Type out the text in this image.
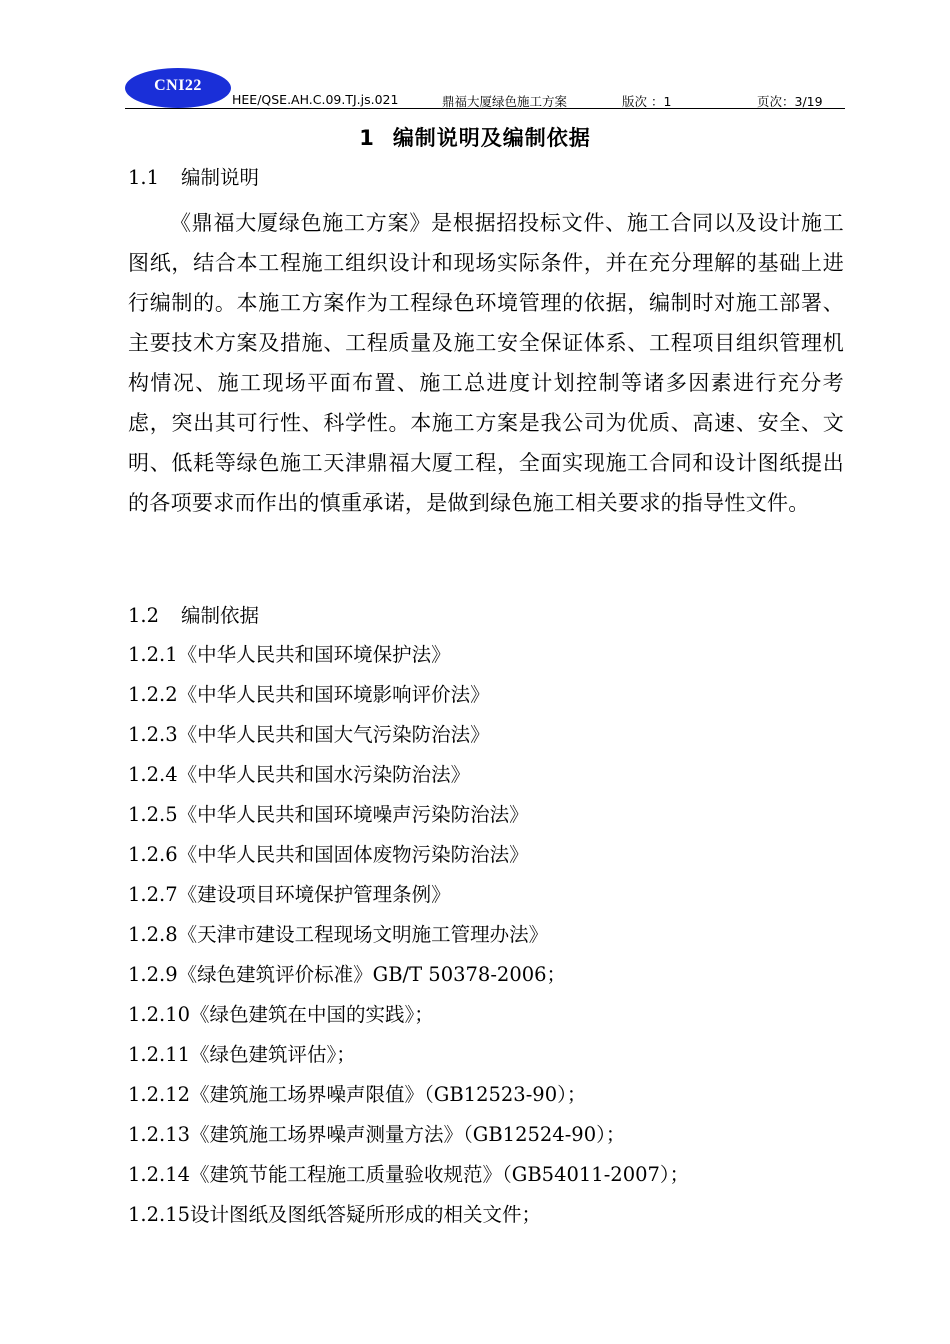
CNI22
HEE/QSE.AH.C.09.TJ.js.021	鼎福大厦绿色施工方案	版次 ：1	页次：3/19
1 编制说明及编制依据
1.1 编制说明
《鼎福大厦绿色施工方案》是根据招投标文件、施工合同以及设计施工图纸，结合本工程施工组织设计和现场实际条件，并在充分理解的基础上进行编制的。本施工方案作为工程绿色环境管理的依据，编制时对施工部署、主要技术方案及措施、工程质量及施工安全保证体系、工程项目组织管理机构情况、施工现场平面布置、施工总进度计划控制等诸多因素进行充分考虑，突出其可行性、科学性。本施工方案是我公司为优质、高速、安全、文明、低耗等绿色施工天津鼎福大厦工程，全面实现施工合同和设计图纸提出的各项要求而作出的慎重承诺，是做到绿色施工相关要求的指导性文件。
1.2 编制依据
1.2.1《中华人民共和国环境保护法》
1.2.2《中华人民共和国环境影响评价法》
1.2.3《中华人民共和国大气污染防治法》
1.2.4《中华人民共和国水污染防治法》
1.2.5《中华人民共和国环境噪声污染防治法》
1.2.6《中华人民共和国固体废物污染防治法》
1.2.7《建设项目环境保护管理条例》
1.2.8《天津市建设工程现场文明施工管理办法》
1.2.9《绿色建筑评价标准》GB/T 50378-2006；
1.2.10《绿色建筑在中国的实践》；
1.2.11《绿色建筑评估》；
1.2.12《建筑施工场界噪声限值》（GB12523-90）；
1.2.13《建筑施工场界噪声测量方法》（GB12524-90）；
1.2.14《建筑节能工程施工质量验收规范》（GB54011-2007）；
1.2.15设计图纸及图纸答疑所形成的相关文件；
